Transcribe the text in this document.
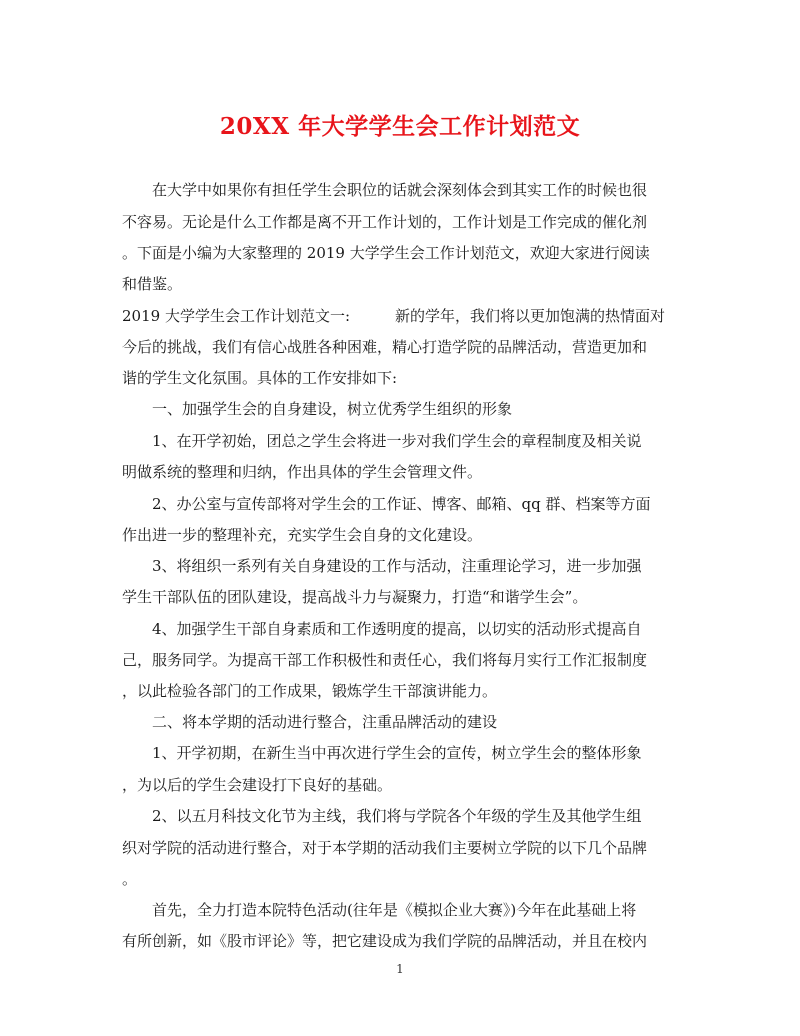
20XX 年大学学生会工作计划范文
　　在大学中如果你有担任学生会职位的话就会深刻体会到其实工作的时候也很
不容易。无论是什么工作都是离不开工作计划的，工作计划是工作完成的催化剂
。下面是小编为大家整理的 2019 大学学生会工作计划范文，欢迎大家进行阅读
和借鉴。
2019 大学学生会工作计划范文一:　　　新的学年，我们将以更加饱满的热情面对
今后的挑战，我们有信心战胜各种困难，精心打造学院的品牌活动，营造更加和
谐的学生文化氛围。具体的工作安排如下:
　　一、加强学生会的自身建设，树立优秀学生组织的形象
　　1、在开学初始，团总之学生会将进一步对我们学生会的章程制度及相关说
明做系统的整理和归纳，作出具体的学生会管理文件。
　　2、办公室与宣传部将对学生会的工作证、博客、邮箱、qq 群、档案等方面
作出进一步的整理补充，充实学生会自身的文化建设。
　　3、将组织一系列有关自身建设的工作与活动，注重理论学习，进一步加强
学生干部队伍的团队建设，提高战斗力与凝聚力，打造“和谐学生会”。
　　4、加强学生干部自身素质和工作透明度的提高，以切实的活动形式提高自
己，服务同学。为提高干部工作积极性和责任心，我们将每月实行工作汇报制度
，以此检验各部门的工作成果，锻炼学生干部演讲能力。
　　二、将本学期的活动进行整合，注重品牌活动的建设
　　1、开学初期，在新生当中再次进行学生会的宣传，树立学生会的整体形象
，为以后的学生会建设打下良好的基础。
　　2、以五月科技文化节为主线，我们将与学院各个年级的学生及其他学生组
织对学院的活动进行整合，对于本学期的活动我们主要树立学院的以下几个品牌
。
　　首先，全力打造本院特色活动(往年是《模拟企业大赛》)今年在此基础上将
有所创新，如《股市评论》等，把它建设成为我们学院的品牌活动，并且在校内
1
